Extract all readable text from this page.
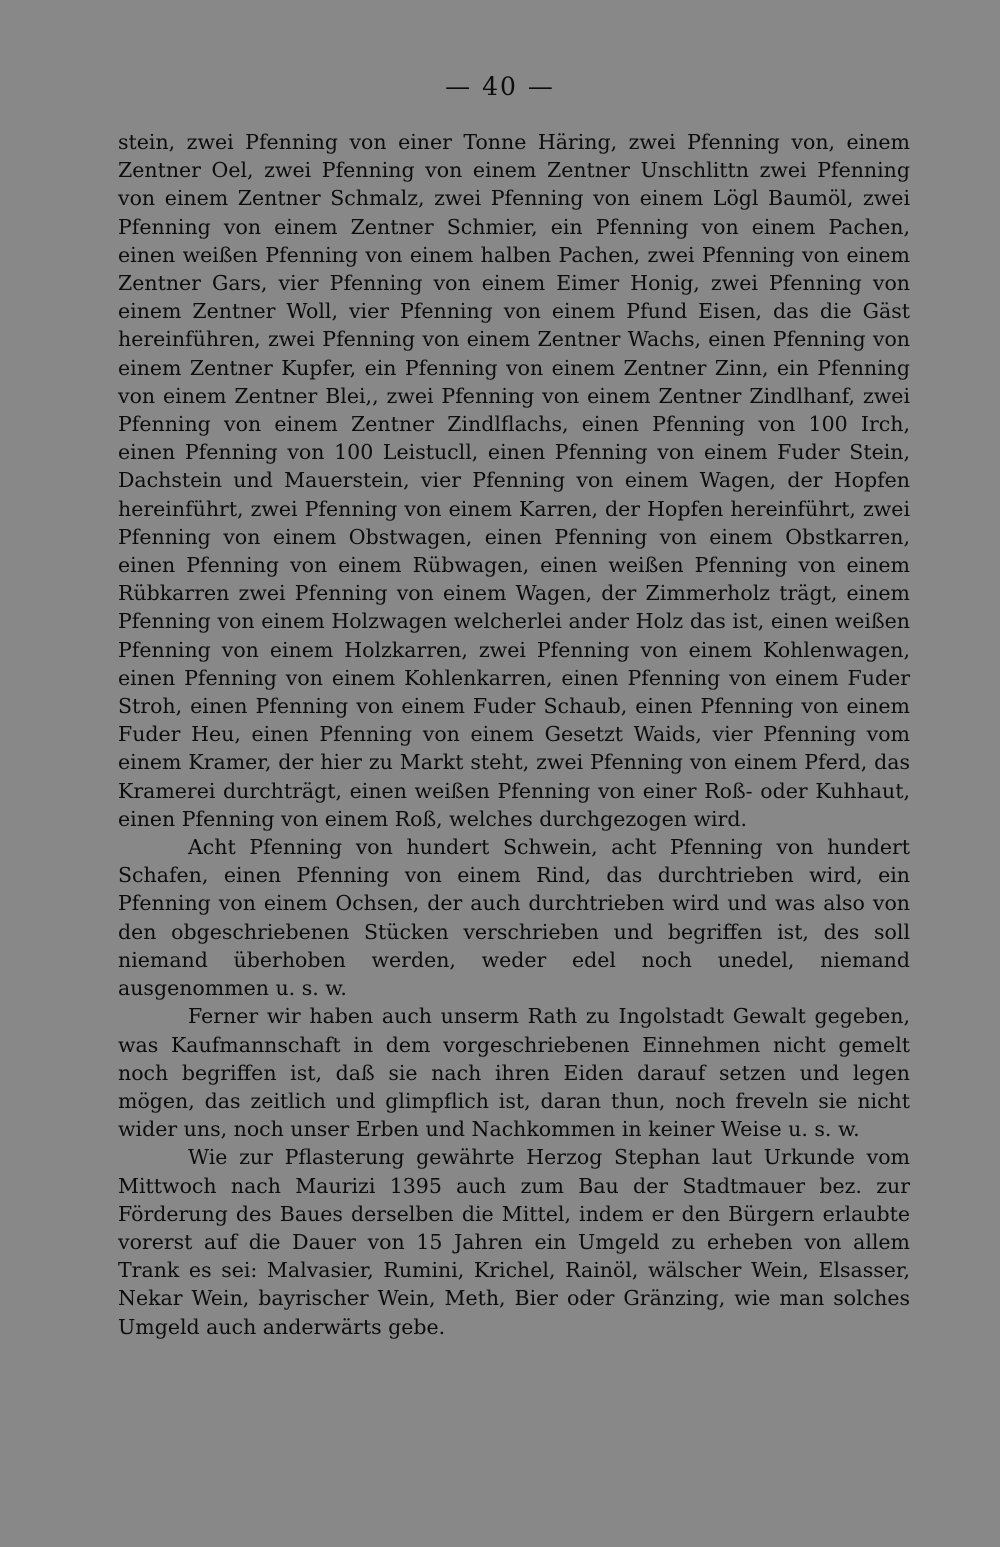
— 40 —

stein, zwei Pfenning von einer Tonne Häring, zwei Pfenning von, einem Zentner Oel, zwei Pfenning von einem Zentner Unschlittn zwei Pfenning von einem Zentner Schmalz, zwei Pfenning von einem Lögl Baumöl, zwei Pfenning von einem Zentner Schmier, ein Pfenning von einem Pachen, einen weißen Pfenning von einem halben Pachen, zwei Pfenning von einem Zentner Gars, vier Pfenning von einem Eimer Honig, zwei Pfenning von einem Zentner Woll, vier Pfenning von einem Pfund Eisen, das die Gäst hereinführen, zwei Pfenning von einem Zentner Wachs, einen Pfenning von einem Zentner Kupfer, ein Pfenning von einem Zentner Zinn, ein Pfenning von einem Zentner Blei,, zwei Pfenning von einem Zentner Zindlhanf, zwei Pfenning von einem Zentner Zindlflachs, einen Pfenning von 100 Irch, einen Pfenning von 100 Leistucll, einen Pfenning von einem Fuder Stein, Dachstein und Mauerstein, vier Pfenning von einem Wagen, der Hopfen hereinführt, zwei Pfenning von einem Karren, der Hopfen hereinführt, zwei Pfenning von einem Obstwagen, einen Pfenning von einem Obstkarren, einen Pfenning von einem Rübwagen, einen weißen Pfenning von einem Rübkarren zwei Pfenning von einem Wagen, der Zimmerholz trägt, einem Pfenning von einem Holzwagen welcherlei ander Holz das ist, einen weißen Pfenning von einem Holzkarren, zwei Pfenning von einem Kohlenwagen, einen Pfenning von einem Kohlenkarren, einen Pfenning von einem Fuder Stroh, einen Pfenning von einem Fuder Schaub, einen Pfenning von einem Fuder Heu, einen Pfenning von einem Gesetzt Waids, vier Pfenning vom einem Kramer, der hier zu Markt steht, zwei Pfenning von einem Pferd, das Kramerei durchträgt, einen weißen Pfenning von einer Roß- oder Kuhhaut, einen Pfenning von einem Roß, welches durchgezogen wird.

Acht Pfenning von hundert Schwein, acht Pfenning von hundert Schafen, einen Pfenning von einem Rind, das durchtrieben wird, ein Pfenning von einem Ochsen, der auch durchtrieben wird und was also von den obgeschriebenen Stücken verschrieben und begriffen ist, des soll niemand überhoben werden, weder edel noch unedel, niemand ausgenommen u. s. w.

Ferner wir haben auch unserm Rath zu Ingolstadt Gewalt gegeben, was Kaufmannschaft in dem vorgeschriebenen Einnehmen nicht gemelt noch begriffen ist, daß sie nach ihren Eiden darauf setzen und legen mögen, das zeitlich und glimpflich ist, daran thun, noch freveln sie nicht wider uns, noch unser Erben und Nachkommen in keiner Weise u. s. w.

Wie zur Pflasterung gewährte Herzog Stephan laut Urkunde vom Mittwoch nach Maurizi 1395 auch zum Bau der Stadtmauer bez. zur Förderung des Baues derselben die Mittel, indem er den Bürgern erlaubte vorerst auf die Dauer von 15 Jahren ein Umgeld zu erheben von allem Trank es sei: Malvasier, Rumini, Krichel, Rainöl, wälscher Wein, Elsasser, Nekar Wein, bayrischer Wein, Meth, Bier oder Gränzing, wie man solches Umgeld auch anderwärts gebe.
